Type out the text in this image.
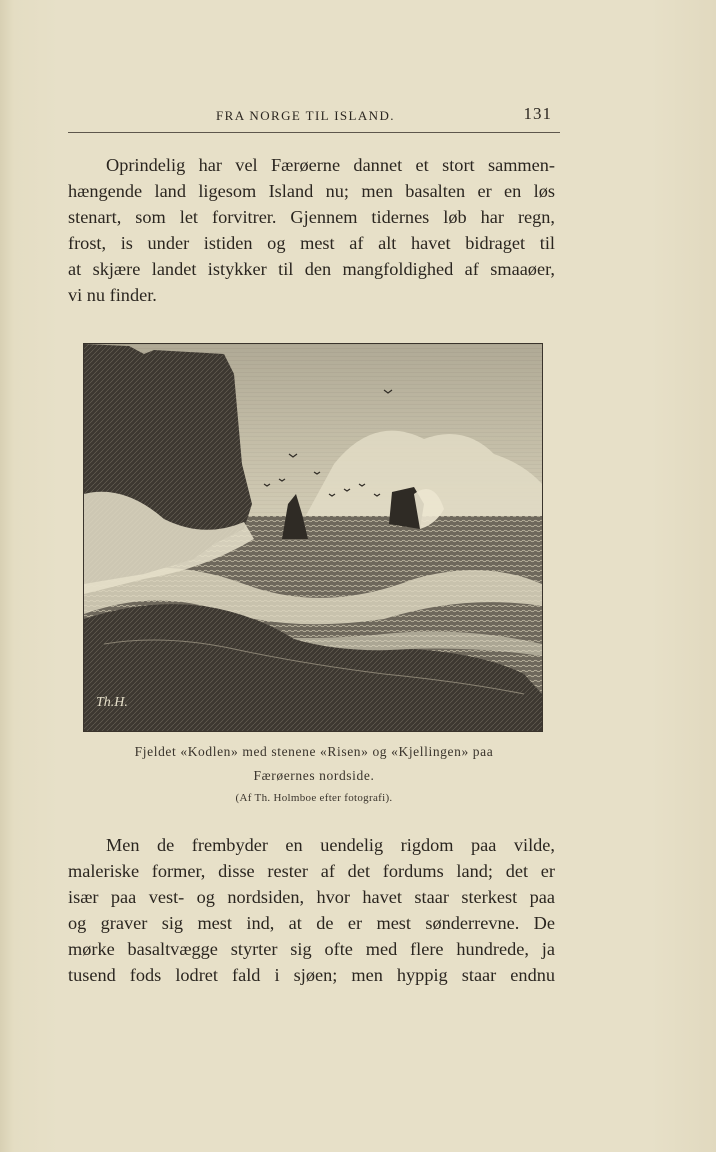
FRA NORGE TIL ISLAND.	131

Oprindelig har vel Færøerne dannet et stort sammen-
hængende land ligesom Island nu; men basalten er en løs
stenart, som let forvitrer. Gjennem tidernes løb har regn,
frost, is under istiden og mest af alt havet bidraget til
at skjære landet istykker til den mangfoldighed af smaaøer,
vi nu finder.

Th.H.
Fjeldet «Kodlen» med stenene «Risen» og «Kjellingen» paa
Færøernes nordside.
(Af Th. Holmboe efter fotografi).

Men de frembyder en uendelig rigdom paa vilde,
maleriske former, disse rester af det fordums land; det er
især paa vest- og nordsiden, hvor havet staar sterkest paa
og graver sig mest ind, at de er mest sønderrevne. De
mørke basaltvægge styrter sig ofte med flere hundrede, ja
tusend fods lodret fald i sjøen; men hyppig staar endnu
